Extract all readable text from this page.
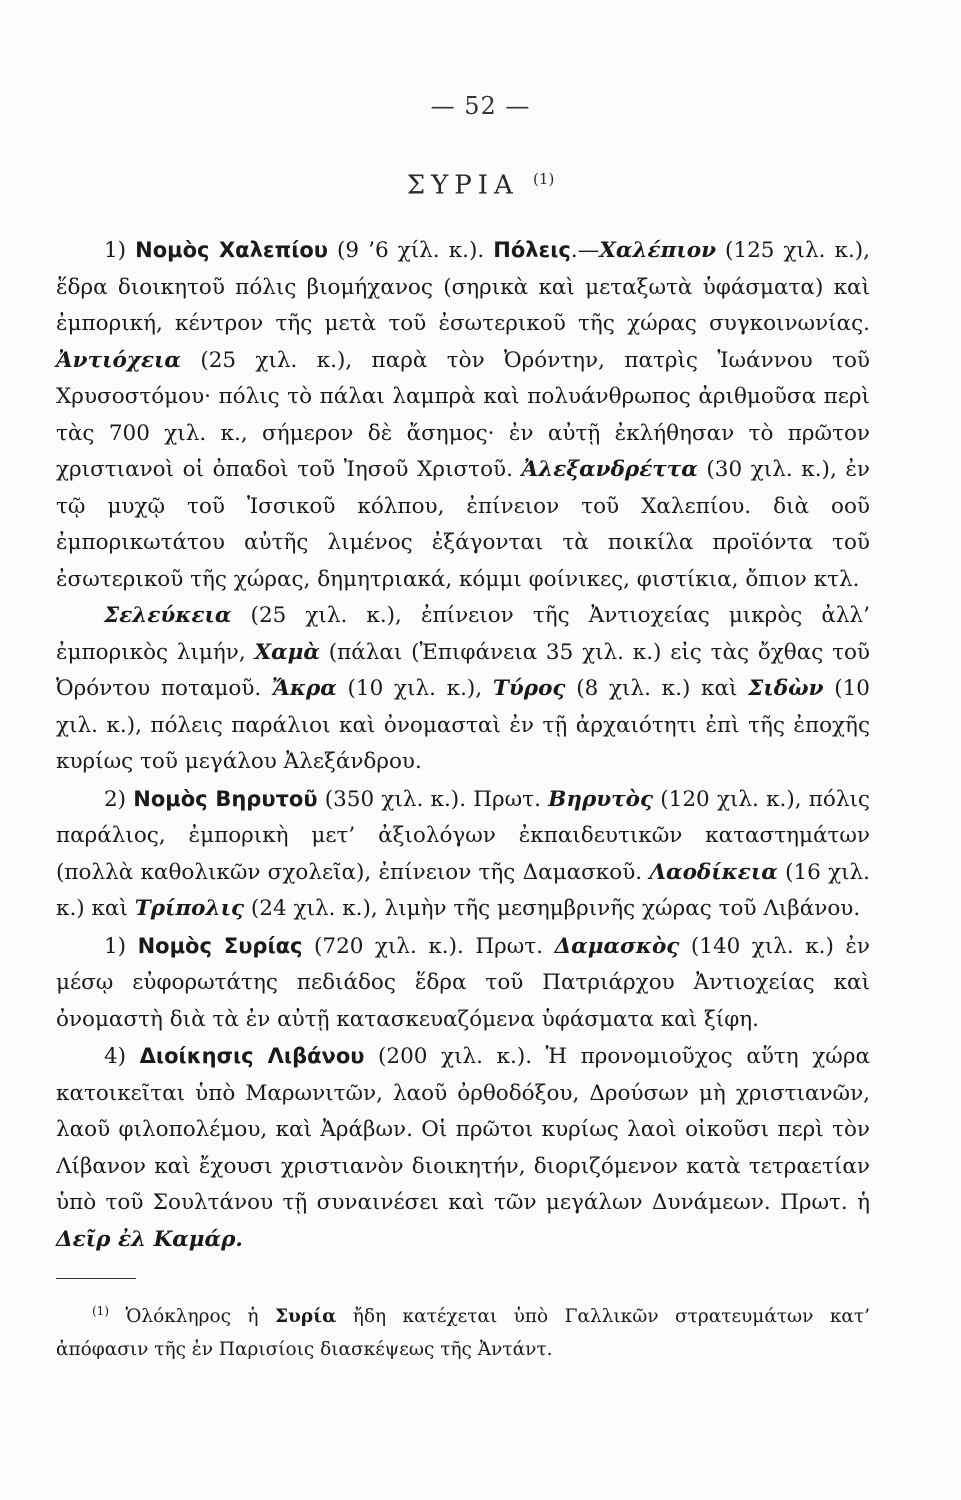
— 52 —
ΣΥΡΙΑ $^{(1)}$

1) Νομὸς Χαλεπίου (9 ’6 χίλ. κ.). Πόλεις.—Χαλέπιον (125 χιλ. κ.), ἕδρα διοικητοῦ πόλις βιομήχανος (σηρικὰ καὶ μεταξωτὰ ὑφάσματα) καὶ ἐμπορική, κέντρον τῆς μετὰ τοῦ ἐσωτερικοῦ τῆς χώρας συγκοινωνίας. Ἀντιόχεια (25 χιλ. κ.), παρὰ τὸν Ὀρόντην, πατρὶς Ἰωάννου τοῦ Χρυσοστόμου· πόλις τὸ πάλαι λαμπρὰ καὶ πολυάνθρωπος ἀριθμοῦσα περὶ τὰς 700 χιλ. κ., σήμερον δὲ ἄσημος· ἐν αὐτῇ ἐκλήθησαν τὸ πρῶτον χριστιανοὶ οἱ ὀπαδοὶ τοῦ Ἰησοῦ Χριστοῦ. Ἀλεξανδρέττα (30 χιλ. κ.), ἐν τῷ μυχῷ τοῦ Ἰσσικοῦ κόλπου, ἐπίνειον τοῦ Χαλεπίου. διὰ οοῦ ἐμπορικωτάτου αὐτῆς λιμένος ἐξάγονται τὰ ποικίλα προϊόντα τοῦ ἐσωτερικοῦ τῆς χώρας, δημητριακά, κόμμι φοίνικες, φιστίκια, ὄπιον κτλ.

Σελεύκεια (25 χιλ. κ.), ἐπίνειον τῆς Ἀντιοχείας μικρὸς ἀλλ’ ἐμπορικὸς λιμήν, Χαμὰ (πάλαι (Ἐπιφάνεια 35 χιλ. κ.) εἰς τὰς ὄχθας τοῦ Ὀρόντου ποταμοῦ. Ἄκρα (10 χιλ. κ.), Τύρος (8 χιλ. κ.) καὶ Σιδὼν (10 χιλ. κ.), πόλεις παράλιοι καὶ ὀνομασταὶ ἐν τῇ ἀρχαιότητι ἐπὶ τῆς ἐποχῆς κυρίως τοῦ μεγάλου Ἀλεξάνδρου.

2) Νομὸς Βηρυτοῦ (350 χιλ. κ.). Πρωτ. Βηρυτὸς (120 χιλ. κ.), πόλις παράλιος, ἐμπορικὴ μετ’ ἀξιολόγων ἐκπαιδευτικῶν καταστημάτων (πολλὰ καθολικῶν σχολεῖα), ἐπίνειον τῆς Δαμασκοῦ. Λαοδίκεια (16 χιλ. κ.) καὶ Τρίπολις (24 χιλ. κ.), λιμὴν τῆς μεσημβρινῆς χώρας τοῦ Λιβάνου.

1) Νομὸς Συρίας (720 χιλ. κ.). Πρωτ. Δαμασκὸς (140 χιλ. κ.) ἐν μέσῳ εὐφορωτάτης πεδιάδος ἕδρα τοῦ Πατριάρχου Ἀντιοχείας καὶ ὀνομαστὴ διὰ τὰ ἐν αὐτῇ κατασκευαζόμενα ὑφάσματα καὶ ξίφη.

4) Διοίκησις Λιβάνου (200 χιλ. κ.). Ἡ προνομιοῦχος αὕτη χώρα κατοικεῖται ὑπὸ Μαρωνιτῶν, λαοῦ ὀρθοδόξου, Δρούσων μὴ χριστιανῶν, λαοῦ φιλοπολέμου, καὶ Ἀράβων. Οἱ πρῶτοι κυρίως λαοὶ οἰκοῦσι περὶ τὸν Λίβανον καὶ ἔχουσι χριστιανὸν διοικητήν, διοριζόμενον κατὰ τετραετίαν ὑπὸ τοῦ Σουλτάνου τῇ συναινέσει καὶ τῶν μεγάλων Δυνάμεων. Πρωτ. ἡ Δεῖρ ἐλ Καμάρ.

$^{(1)}$ Ὁλόκληρος ἡ Συρία ἤδη κατέχεται ὑπὸ Γαλλικῶν στρατευμάτων κατ’ ἀπόφασιν τῆς ἐν Παρισίοις διασκέψεως τῆς Ἀντάντ.
